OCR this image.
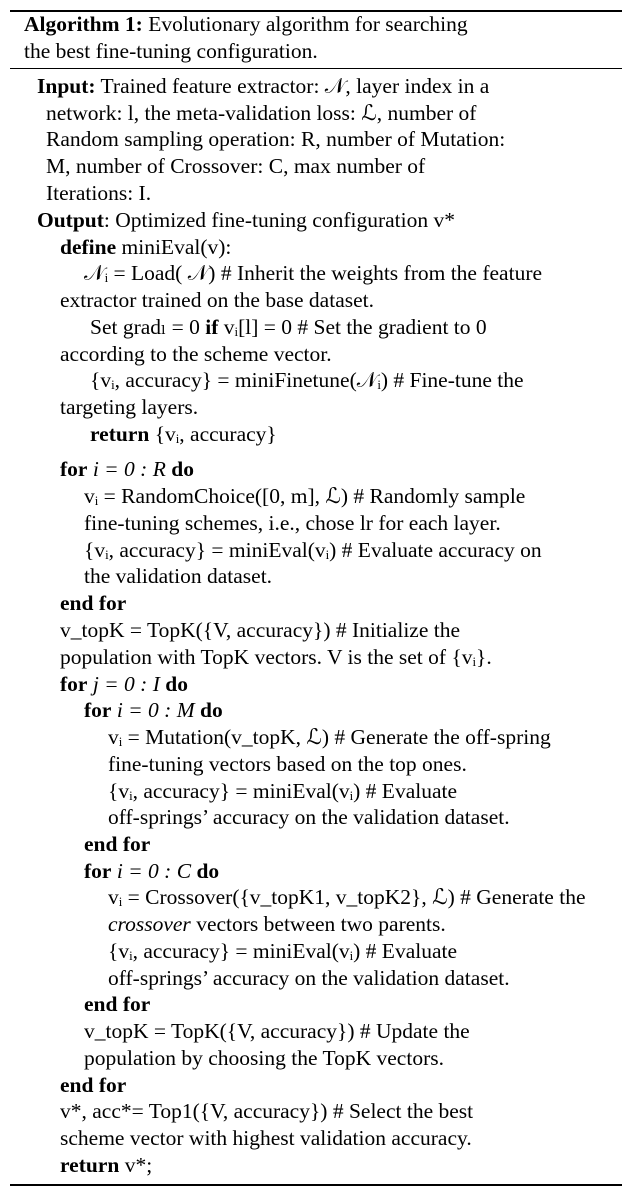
Algorithm 1: Evolutionary algorithm for searching
the best fine-tuning configuration.
Input: Trained feature extractor: 𝒩, layer index in a
network: l, the meta-validation loss: ℒ, number of
Random sampling operation: R, number of Mutation:
M, number of Crossover: C, max number of
Iterations: I.
Output: Optimized fine-tuning configuration v*
define miniEval(v):
𝒩ᵢ = Load( 𝒩) # Inherit the weights from the feature
extractor trained on the base dataset.
Set gradₗ = 0 if vᵢ[l] = 0 # Set the gradient to 0
according to the scheme vector.
{vᵢ, accuracy} = miniFinetune(𝒩ᵢ) # Fine-tune the
targeting layers.
return {vᵢ, accuracy}
for i = 0 : R do
vᵢ = RandomChoice([0, m], ℒ) # Randomly sample
fine-tuning schemes, i.e., chose lr for each layer.
{vᵢ, accuracy} = miniEval(vᵢ) # Evaluate accuracy on
the validation dataset.
end for
v_topK = TopK({V, accuracy}) # Initialize the
population with TopK vectors. V is the set of {vᵢ}.
for j = 0 : I do
for i = 0 : M do
vᵢ = Mutation(v_topK, ℒ) # Generate the off-spring
fine-tuning vectors based on the top ones.
{vᵢ, accuracy} = miniEval(vᵢ) # Evaluate
off-springs’ accuracy on the validation dataset.
end for
for i = 0 : C do
vᵢ = Crossover({v_topK1, v_topK2}, ℒ) # Generate the
crossover vectors between two parents.
{vᵢ, accuracy} = miniEval(vᵢ) # Evaluate
off-springs’ accuracy on the validation dataset.
end for
v_topK = TopK({V, accuracy}) # Update the
population by choosing the TopK vectors.
end for
v*, acc*= Top1({V, accuracy}) # Select the best
scheme vector with highest validation accuracy.
return v*;
